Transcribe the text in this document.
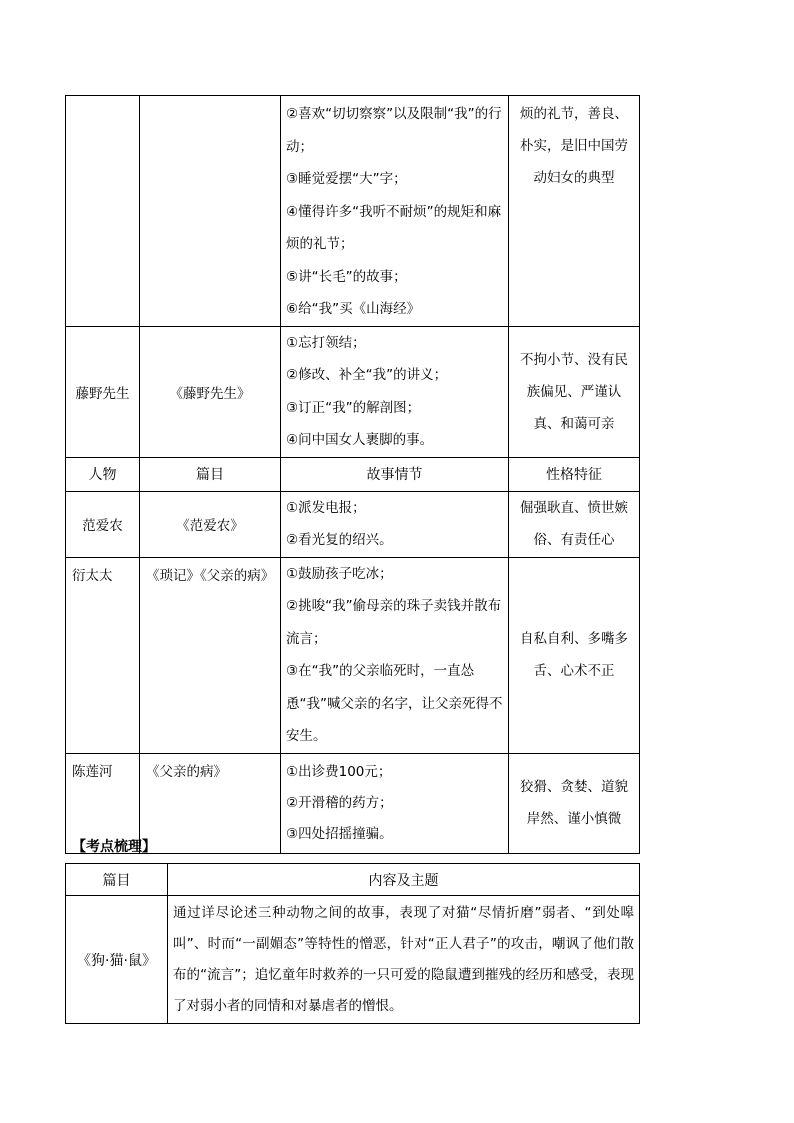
		②喜欢“切切察察”以及限制“我”的行动；
③睡觉爱摆“大”字；
④懂得许多“我听不耐烦”的规矩和麻烦的礼节；
⑤讲“长毛”的故事；
⑥给“我”买《山海经》	烦的礼节，善良、朴实，是旧中国劳动妇女的典型
藤野先生	《藤野先生》	①忘打领结；
②修改、补全“我”的讲义；
③订正“我”的解剖图；
④问中国女人裹脚的事。	不拘小节、没有民族偏见、严谨认真、和蔼可亲
人物	篇目	故事情节	性格特征
范爱农	《范爱农》	①派发电报；
②看光复的绍兴。	倔强耿直、愤世嫉俗、有责任心
衍太太	《琐记》《父亲的病》	①鼓励孩子吃冰；
②挑唆“我”偷母亲的珠子卖钱并散布流言；
③在“我”的父亲临死时，一直怂恿“我”喊父亲的名字，让父亲死得不安生。	自私自利、多嘴多舌、心术不正
陈莲河	《父亲的病》	①出诊费100元；
②开滑稽的药方；
③四处招摇撞骗。	狡猾、贪婪、道貌岸然、谨小慎微
【考点梳理】
篇目	内容及主题
《狗·猫·鼠》	通过详尽论述三种动物之间的故事，表现了对猫“尽情折磨”弱者、“到处嗥叫”、时而“一副媚态”等特性的憎恶，针对“正人君子”的攻击，嘲讽了他们散布的“流言”；追忆童年时救养的一只可爱的隐鼠遭到摧残的经历和感受，表现了对弱小者的同情和对暴虐者的憎恨。
